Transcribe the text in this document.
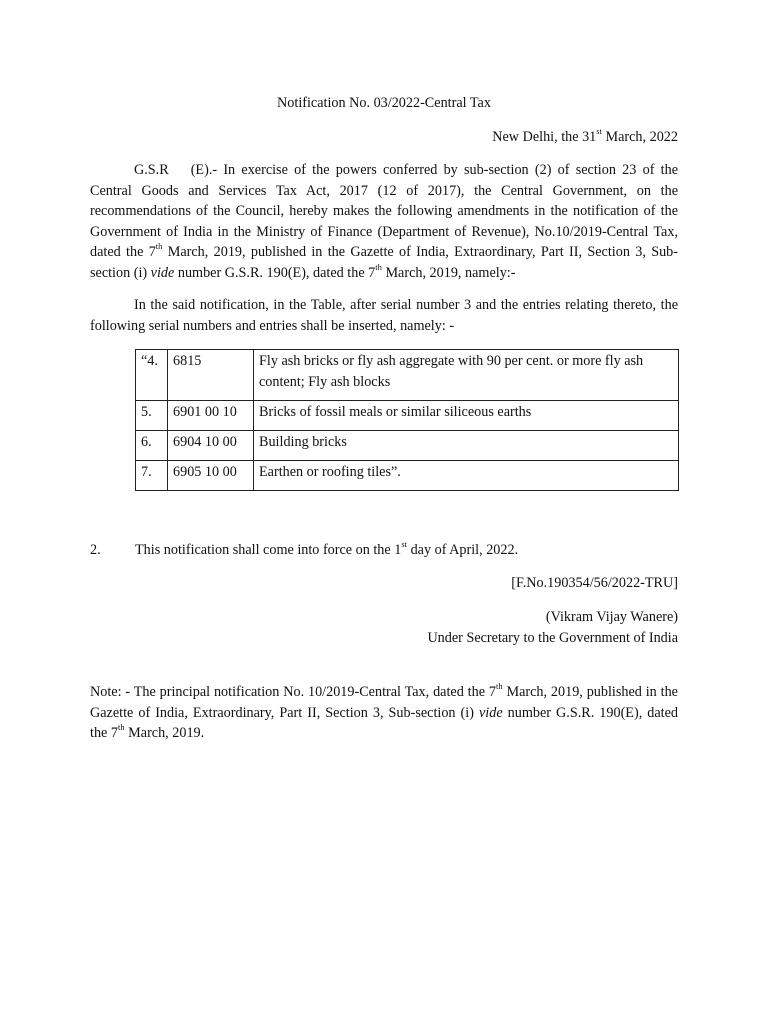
Notification No. 03/2022-Central Tax
New Delhi, the 31st March, 2022

G.S.R (E).- In exercise of the powers conferred by sub-section (2) of section 23 of the Central Goods and Services Tax Act, 2017 (12 of 2017), the Central Government, on the recommendations of the Council, hereby makes the following amendments in the notification of the Government of India in the Ministry of Finance (Department of Revenue), No.10/2019-Central Tax, dated the 7th March, 2019, published in the Gazette of India, Extraordinary, Part II, Section 3, Sub-section (i) vide number G.S.R. 190(E), dated the 7th March, 2019, namely:-

In the said notification, in the Table, after serial number 3 and the entries relating thereto, the following serial numbers and entries shall be inserted, namely: -

“4.	6815	Fly ash bricks or fly ash aggregate with 90 per cent. or more fly ash content; Fly ash blocks
5.	6901 00 10	Bricks of fossil meals or similar siliceous earths
6.	6904 10 00	Building bricks
7.	6905 10 00	Earthen or roofing tiles”.
2. This notification shall come into force on the 1st day of April, 2022.
[F.No.190354/56/2022-TRU]
(Vikram Vijay Wanere)
Under Secretary to the Government of India

Note: - The principal notification No. 10/2019-Central Tax, dated the 7th March, 2019, published in the Gazette of India, Extraordinary, Part II, Section 3, Sub-section (i) vide number G.S.R. 190(E), dated the 7th March, 2019.
